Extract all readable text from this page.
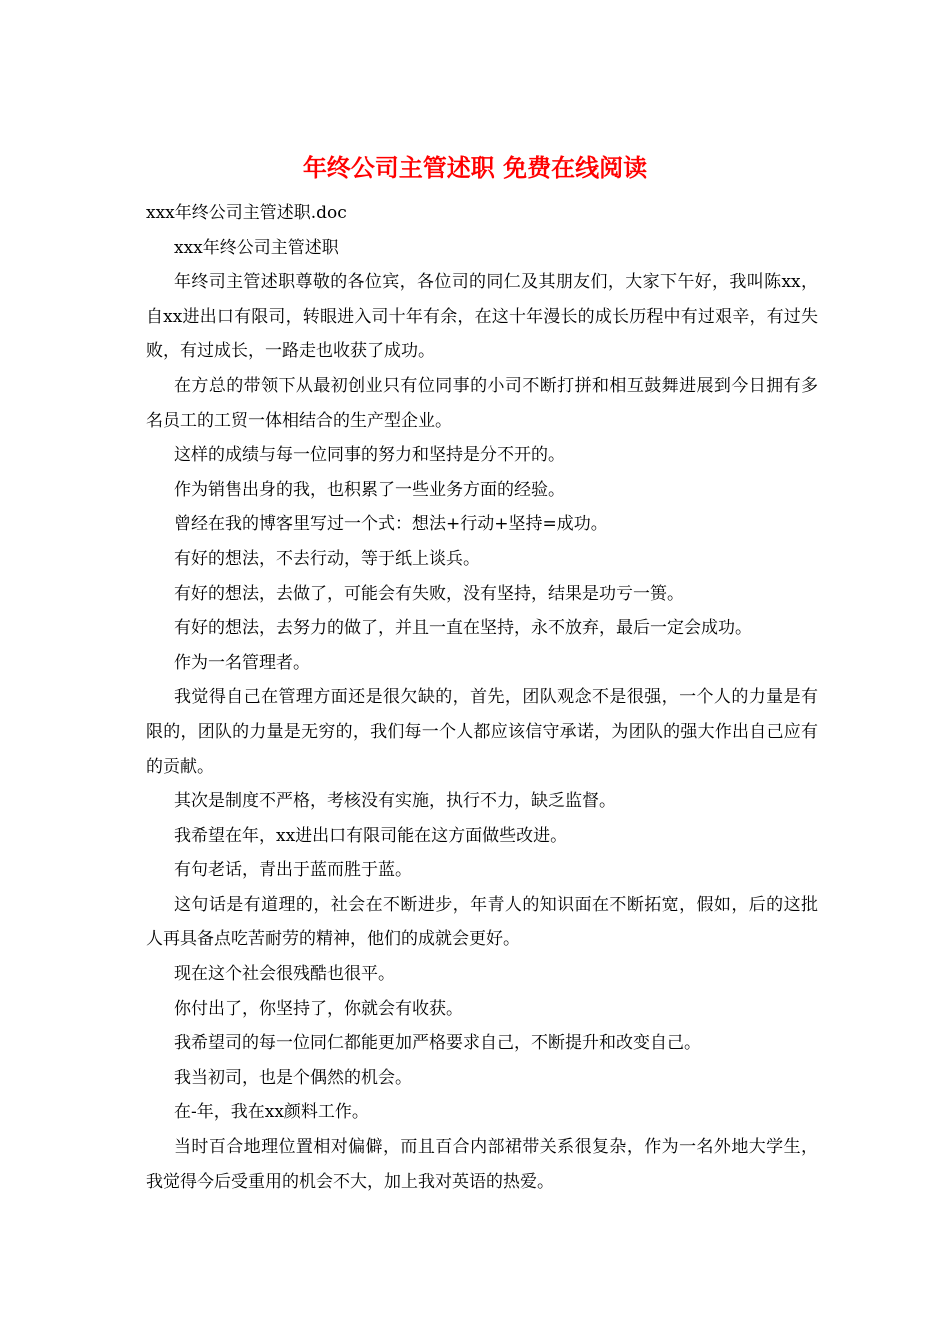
年终公司主管述职 免费在线阅读

xxx年终公司主管述职.doc

xxx年终公司主管述职

年终司主管述职尊敬的各位宾，各位司的同仁及其朋友们，大家下午好，我叫陈xx，自xx进出口有限司，转眼进入司十年有余，在这十年漫长的成长历程中有过艰辛，有过失败，有过成长，一路走也收获了成功。

在方总的带领下从最初创业只有位同事的小司不断打拼和相互鼓舞进展到今日拥有多名员工的工贸一体相结合的生产型企业。

这样的成绩与每一位同事的努力和坚持是分不开的。

作为销售出身的我，也积累了一些业务方面的经验。

曾经在我的博客里写过一个式：想法+行动+坚持=成功。

有好的想法，不去行动，等于纸上谈兵。

有好的想法，去做了，可能会有失败，没有坚持，结果是功亏一篑。

有好的想法，去努力的做了，并且一直在坚持，永不放弃，最后一定会成功。

作为一名管理者。

我觉得自己在管理方面还是很欠缺的，首先，团队观念不是很强，一个人的力量是有限的，团队的力量是无穷的，我们每一个人都应该信守承诺，为团队的强大作出自己应有的贡献。

其次是制度不严格，考核没有实施，执行不力，缺乏监督。

我希望在年，xx进出口有限司能在这方面做些改进。

有句老话，青出于蓝而胜于蓝。

这句话是有道理的，社会在不断进步，年青人的知识面在不断拓宽，假如，后的这批人再具备点吃苦耐劳的精神，他们的成就会更好。

现在这个社会很残酷也很平。

你付出了，你坚持了，你就会有收获。

我希望司的每一位同仁都能更加严格要求自己，不断提升和改变自己。

我当初司，也是个偶然的机会。

在-年，我在xx颜料工作。

当时百合地理位置相对偏僻，而且百合内部裙带关系很复杂，作为一名外地大学生，我觉得今后受重用的机会不大，加上我对英语的热爱。
